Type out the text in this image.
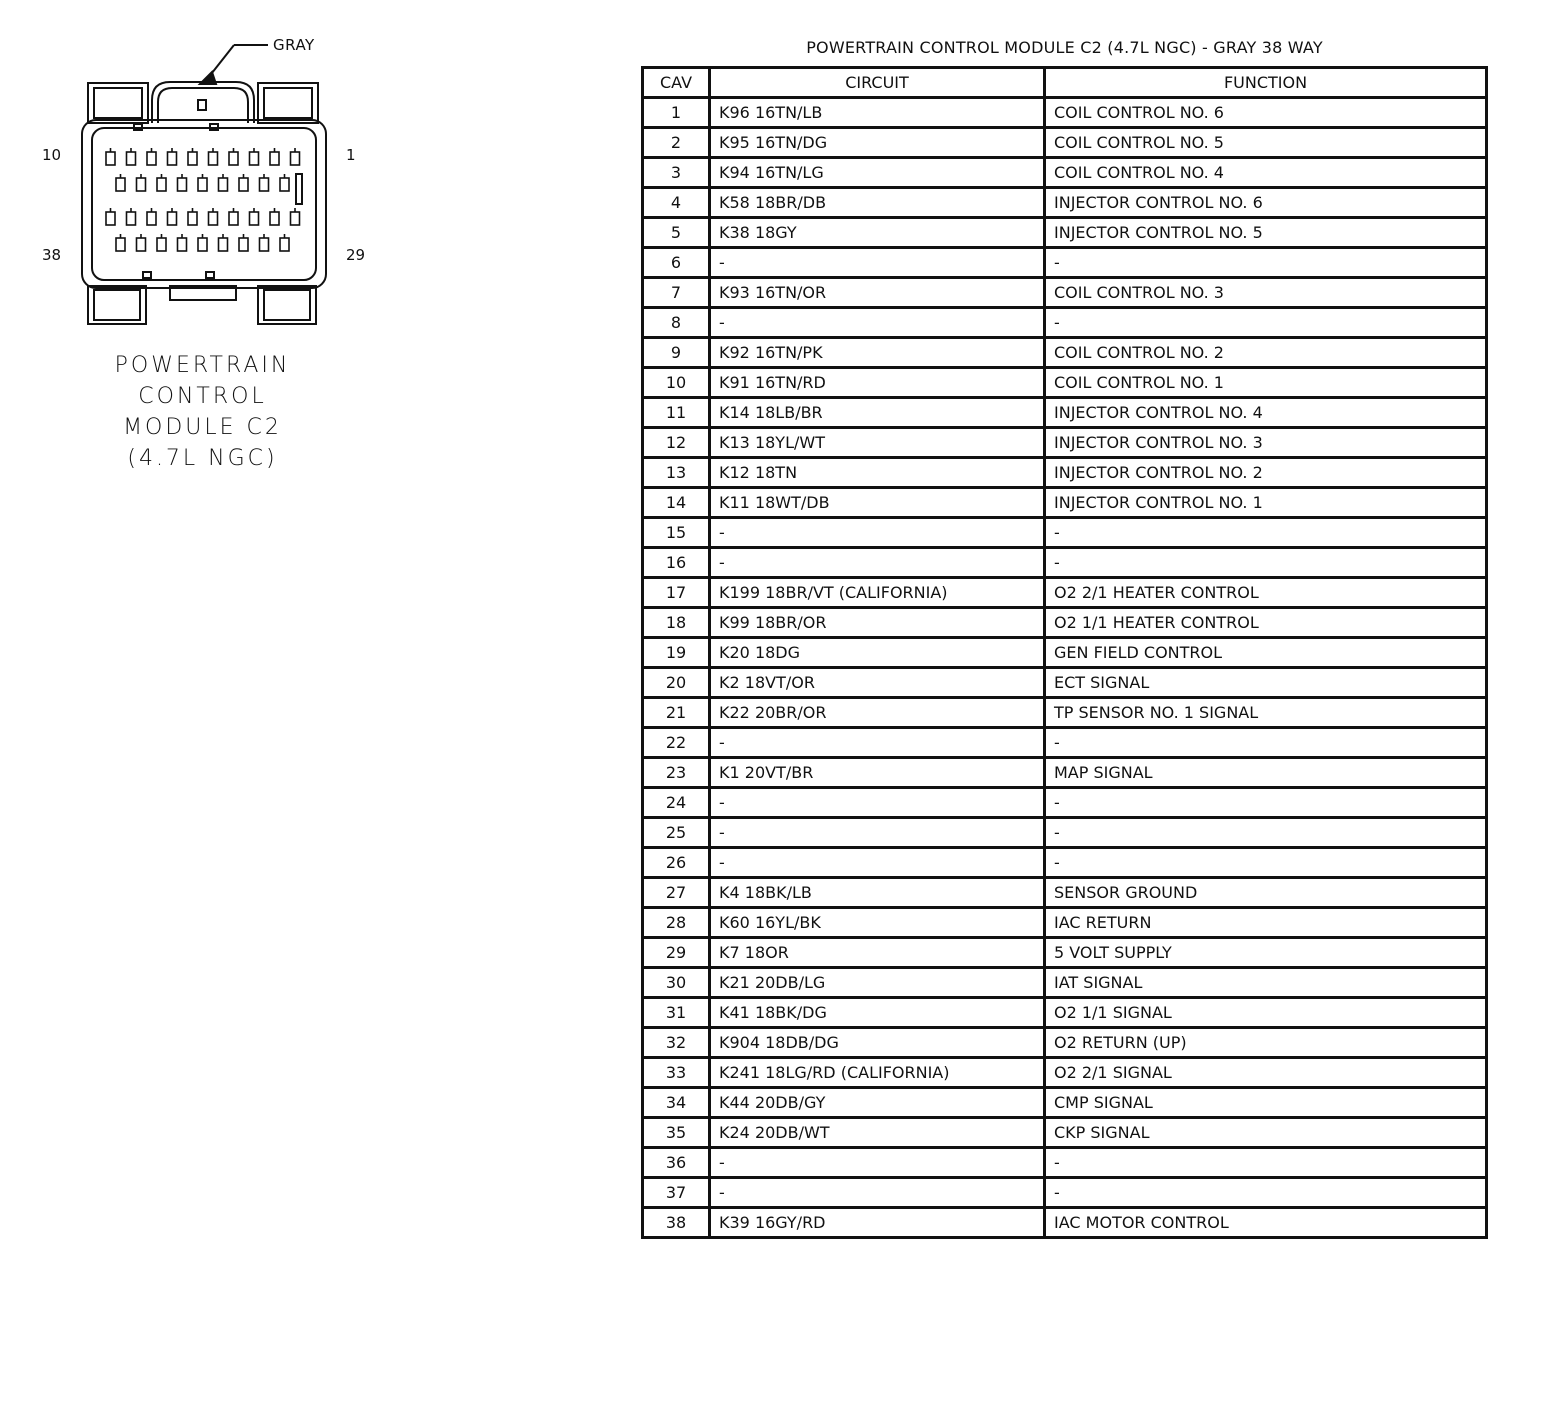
GRAY
10	1
38	29
POWERTRAIN
CONTROL
MODULE C2
(4.7L NGC)
POWERTRAIN CONTROL MODULE C2 (4.7L NGC) - GRAY 38 WAY
CAV	CIRCUIT	FUNCTION
1	K96 16TN/LB	COIL CONTROL NO. 6
2	K95 16TN/DG	COIL CONTROL NO. 5
3	K94 16TN/LG	COIL CONTROL NO. 4
4	K58 18BR/DB	INJECTOR CONTROL NO. 6
5	K38 18GY	INJECTOR CONTROL NO. 5
6	-	-
7	K93 16TN/OR	COIL CONTROL NO. 3
8	-	-
9	K92 16TN/PK	COIL CONTROL NO. 2
10	K91 16TN/RD	COIL CONTROL NO. 1
11	K14 18LB/BR	INJECTOR CONTROL NO. 4
12	K13 18YL/WT	INJECTOR CONTROL NO. 3
13	K12 18TN	INJECTOR CONTROL NO. 2
14	K11 18WT/DB	INJECTOR CONTROL NO. 1
15	-	-
16	-	-
17	K199 18BR/VT (CALIFORNIA)	O2 2/1 HEATER CONTROL
18	K99 18BR/OR	O2 1/1 HEATER CONTROL
19	K20 18DG	GEN FIELD CONTROL
20	K2 18VT/OR	ECT SIGNAL
21	K22 20BR/OR	TP SENSOR NO. 1 SIGNAL
22	-	-
23	K1 20VT/BR	MAP SIGNAL
24	-	-
25	-	-
26	-	-
27	K4 18BK/LB	SENSOR GROUND
28	K60 16YL/BK	IAC RETURN
29	K7 18OR	5 VOLT SUPPLY
30	K21 20DB/LG	IAT SIGNAL
31	K41 18BK/DG	O2 1/1 SIGNAL
32	K904 18DB/DG	O2 RETURN (UP)
33	K241 18LG/RD (CALIFORNIA)	O2 2/1 SIGNAL
34	K44 20DB/GY	CMP SIGNAL
35	K24 20DB/WT	CKP SIGNAL
36	-	-
37	-	-
38	K39 16GY/RD	IAC MOTOR CONTROL
